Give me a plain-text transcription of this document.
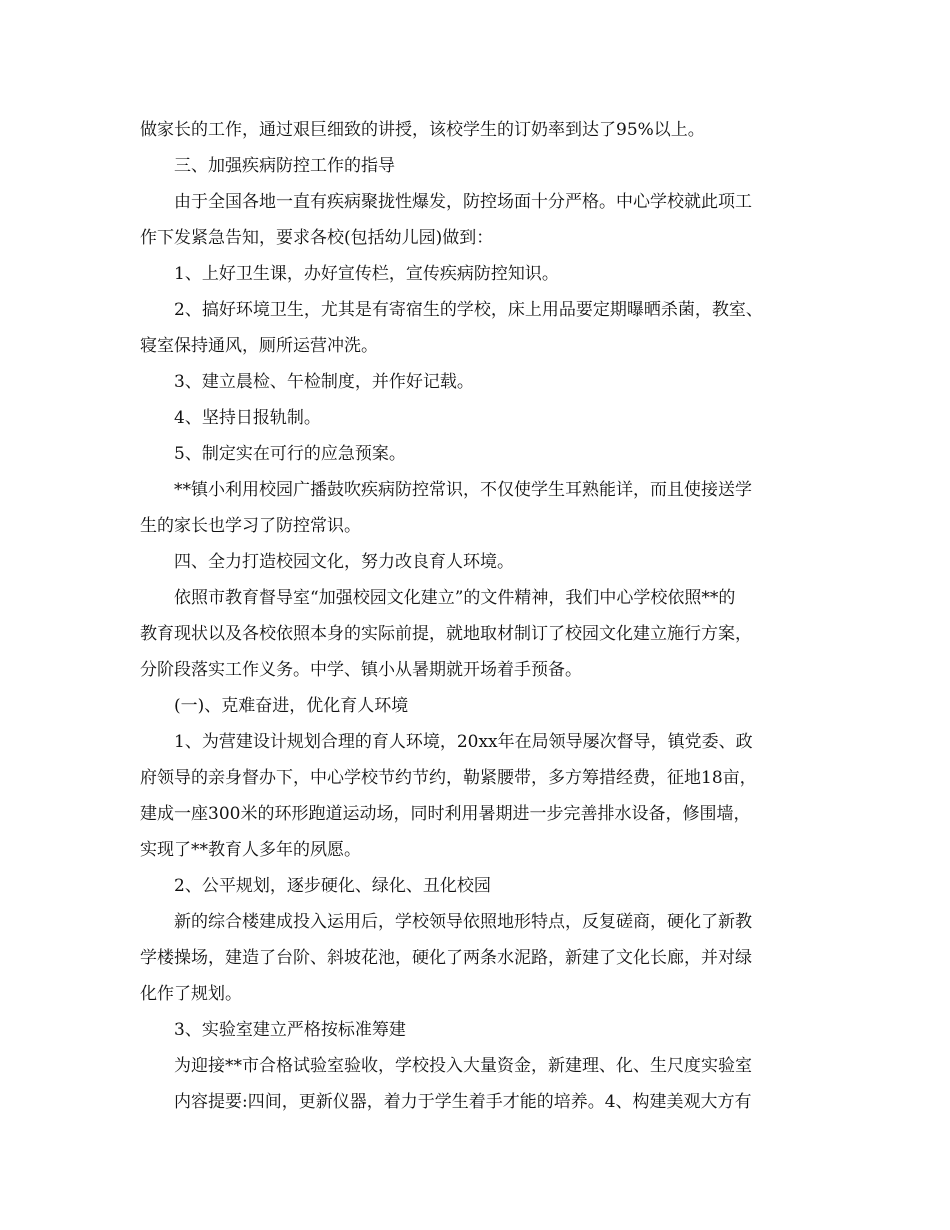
做家长的工作，通过艰巨细致的讲授，该校学生的订奶率到达了95%以上。

三、加强疾病防控工作的指导

由于全国各地一直有疾病聚拢性爆发，防控场面十分严格。中心学校就此项工

作下发紧急告知，要求各校(包括幼儿园)做到：

1、上好卫生课，办好宣传栏，宣传疾病防控知识。

2、搞好环境卫生，尤其是有寄宿生的学校，床上用品要定期曝晒杀菌，教室、

寝室保持通风，厕所运营冲洗。

3、建立晨检、午检制度，并作好记载。

4、坚持日报轨制。

5、制定实在可行的应急预案。

**镇小利用校园广播鼓吹疾病防控常识，不仅使学生耳熟能详，而且使接送学

生的家长也学习了防控常识。

四、全力打造校园文化，努力改良育人环境。

依照市教育督导室“加强校园文化建立”的文件精神，我们中心学校依照**的

教育现状以及各校依照本身的实际前提，就地取材制订了校园文化建立施行方案，

分阶段落实工作义务。中学、镇小从暑期就开场着手预备。

(一)、克难奋进，优化育人环境

1、为营建设计规划合理的育人环境，20xx年在局领导屡次督导，镇党委、政

府领导的亲身督办下，中心学校节约节约，勒紧腰带，多方筹措经费，征地18亩，

建成一座300米的环形跑道运动场，同时利用暑期进一步完善排水设备，修围墙，

实现了**教育人多年的夙愿。

2、公平规划，逐步硬化、绿化、丑化校园

新的综合楼建成投入运用后，学校领导依照地形特点，反复磋商，硬化了新教

学楼操场，建造了台阶、斜坡花池，硬化了两条水泥路，新建了文化长廊，并对绿

化作了规划。

3、实验室建立严格按标准筹建

为迎接**市合格试验室验收，学校投入大量资金，新建理、化、生尺度实验室

内容提要:四间，更新仪器，着力于学生着手才能的培养。4、构建美观大方有
